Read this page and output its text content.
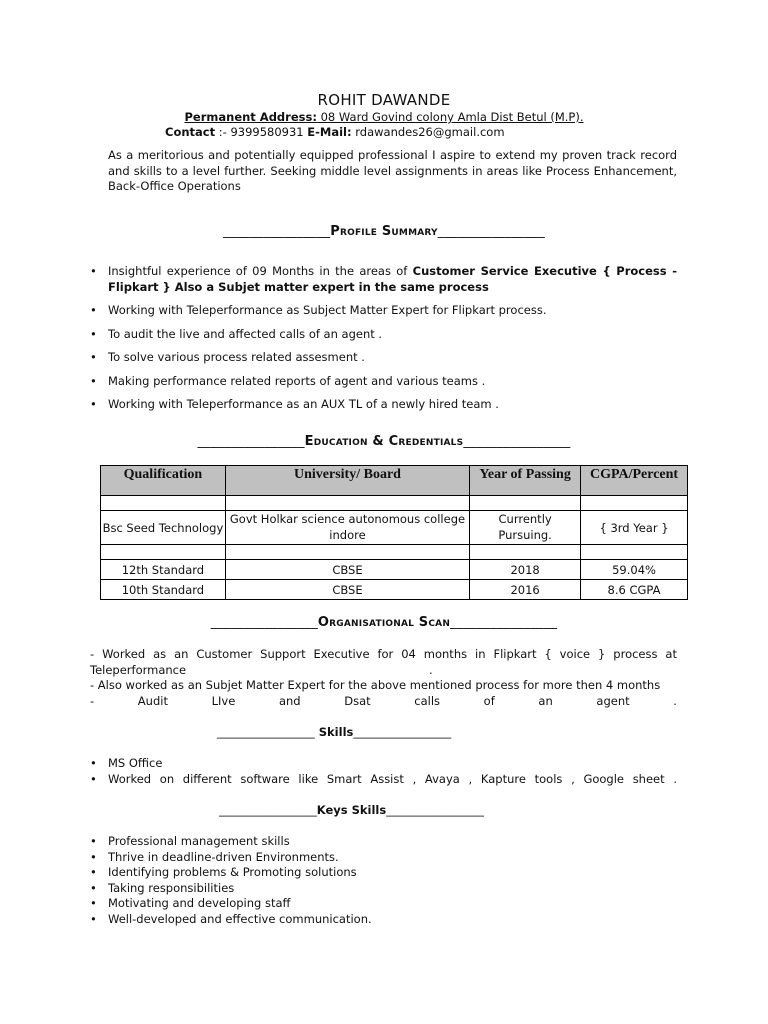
ROHIT DAWANDE
Permanent Address: 08 Ward Govind colony Amla Dist Betul (M.P).
Contact :- 9399580931 E-Mail: rdawandes26@gmail.com
As a meritorious and potentially equipped professional I aspire to extend my proven track record and skills to a level further. Seeking middle level assignments in areas like Process Enhancement, Back-Office Operations
________________Profile Summary________________
• Insightful experience of 09 Months in the areas of Customer Service Executive { Process - Flipkart } Also a Subjet matter expert in the same process
• Working with Teleperformance as Subject Matter Expert for Flipkart process.
• To audit the live and affected calls of an agent .
• To solve various process related assesment .
• Making performance related reports of agent and various teams .
• Working with Teleperformance as an AUX TL of a newly hired team .
________________Education & Credentials________________
Qualification	University/ Board	Year of Passing	CGPA/Percent

Bsc Seed Technology	Govt Holkar science autonomous college indore	Currently Pursuing.	{ 3rd Year }

12th Standard	CBSE	2018	59.04%
10th Standard	CBSE	2016	8.6 CGPA
________________Organisational Scan________________
- Worked as an Customer Support Executive for 04 months in Flipkart { voice } process at
Teleperformance	.
- Also worked as an Subjet Matter Expert for the above mentioned process for more then 4 months
-	Audit	LIve	and	Dsat	calls	of	an	agent	.
_________________ Skills_________________
• MS Office
• Worked on different software like Smart Assist , Avaya , Kapture tools , Google sheet .
_________________Keys Skills_________________
• Professional management skills
• Thrive in deadline-driven Environments.
• Identifying problems & Promoting solutions
• Taking responsibilities
• Motivating and developing staff
• Well-developed and effective communication.
